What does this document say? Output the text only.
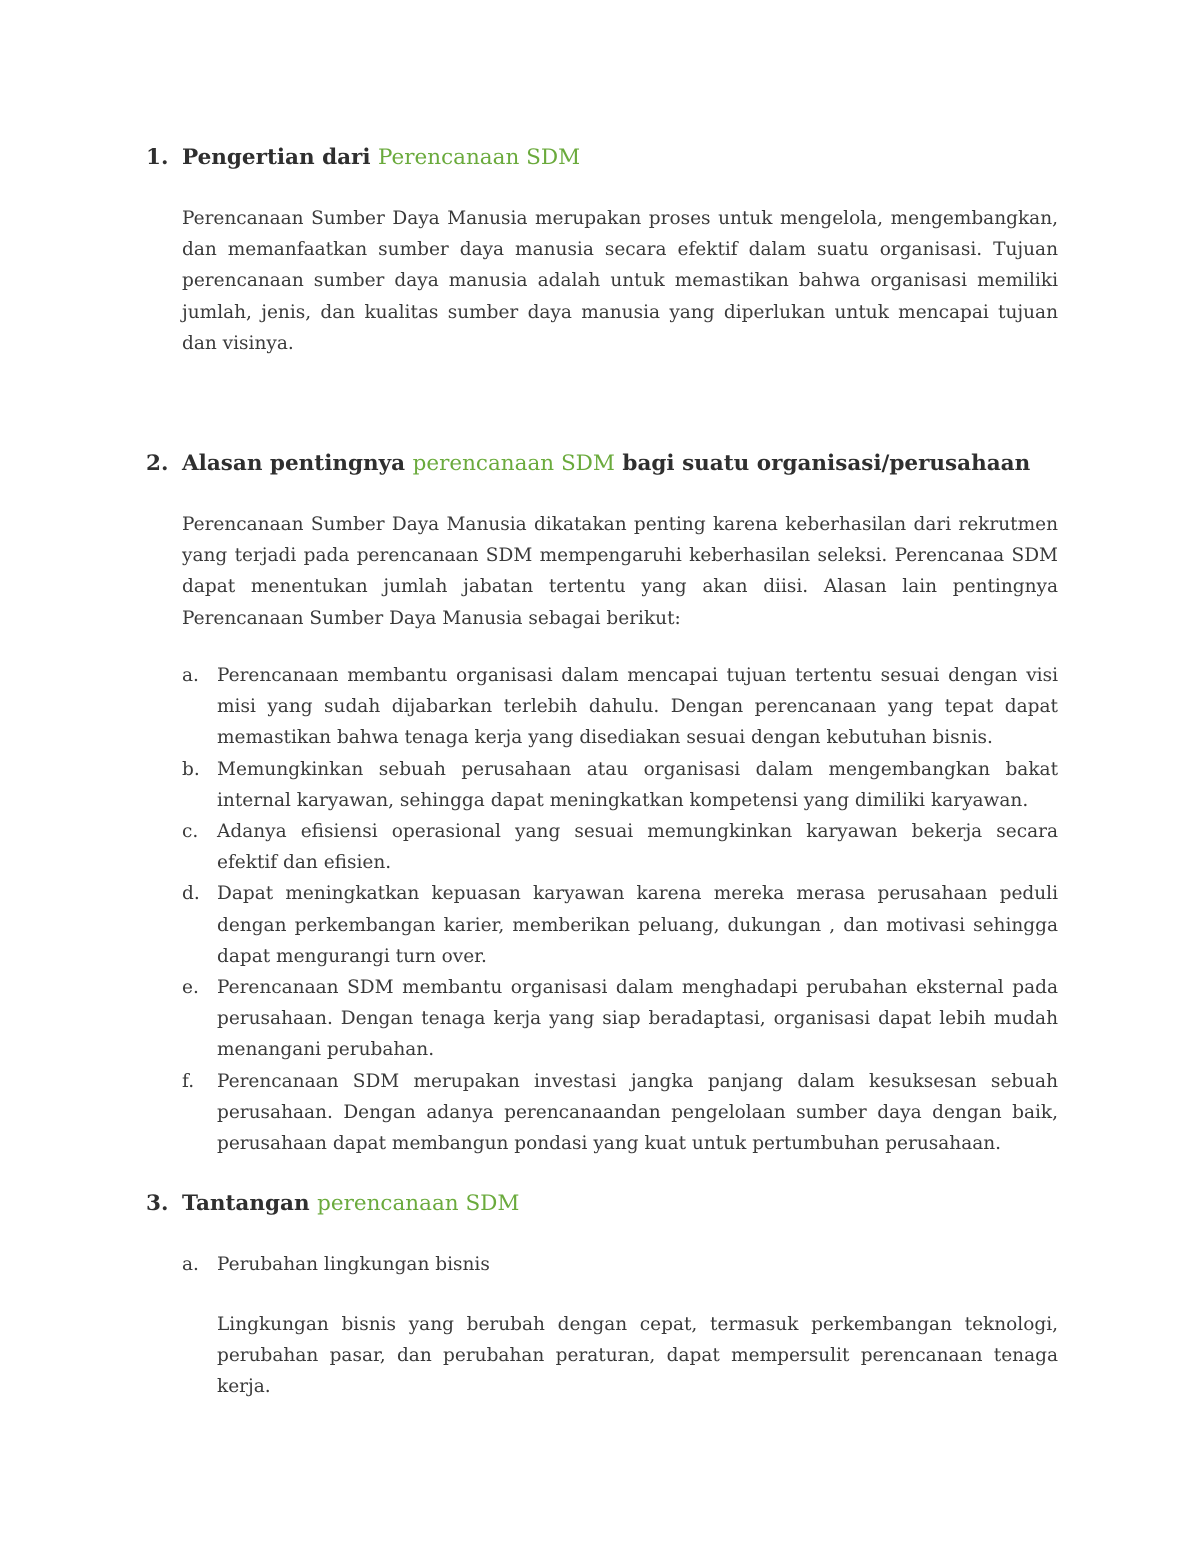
1. Pengertian dari Perencanaan SDM
Perencanaan Sumber Daya Manusia merupakan proses untuk mengelola, mengembangkan, dan memanfaatkan sumber daya manusia secara efektif dalam suatu organisasi. Tujuan perencanaan sumber daya manusia adalah untuk memastikan bahwa organisasi memiliki jumlah, jenis, dan kualitas sumber daya manusia yang diperlukan untuk mencapai tujuan dan visinya.
2. Alasan pentingnya perencanaan SDM bagi suatu organisasi/perusahaan
Perencanaan Sumber Daya Manusia dikatakan penting karena keberhasilan dari rekrutmen yang terjadi pada perencanaan SDM mempengaruhi keberhasilan seleksi. Perencanaa SDM dapat menentukan jumlah jabatan tertentu yang akan diisi. Alasan lain pentingnya Perencanaan Sumber Daya Manusia sebagai berikut:
a. Perencanaan membantu organisasi dalam mencapai tujuan tertentu sesuai dengan visi misi yang sudah dijabarkan terlebih dahulu. Dengan perencanaan yang tepat dapat memastikan bahwa tenaga kerja yang disediakan sesuai dengan kebutuhan bisnis.
b. Memungkinkan sebuah perusahaan atau organisasi dalam mengembangkan bakat internal karyawan, sehingga dapat meningkatkan kompetensi yang dimiliki karyawan.
c. Adanya efisiensi operasional yang sesuai memungkinkan karyawan bekerja secara efektif dan efisien.
d. Dapat meningkatkan kepuasan karyawan karena mereka merasa perusahaan peduli dengan perkembangan karier, memberikan peluang, dukungan , dan motivasi sehingga dapat mengurangi turn over.
e. Perencanaan SDM membantu organisasi dalam menghadapi perubahan eksternal pada perusahaan. Dengan tenaga kerja yang siap beradaptasi, organisasi dapat lebih mudah menangani perubahan.
f. Perencanaan SDM merupakan investasi jangka panjang dalam kesuksesan sebuah perusahaan. Dengan adanya perencanaandan pengelolaan sumber daya dengan baik, perusahaan dapat membangun pondasi yang kuat untuk pertumbuhan perusahaan.
3. Tantangan perencanaan SDM
a. Perubahan lingkungan bisnis
Lingkungan bisnis yang berubah dengan cepat, termasuk perkembangan teknologi, perubahan pasar, dan perubahan peraturan, dapat mempersulit perencanaan tenaga kerja.
